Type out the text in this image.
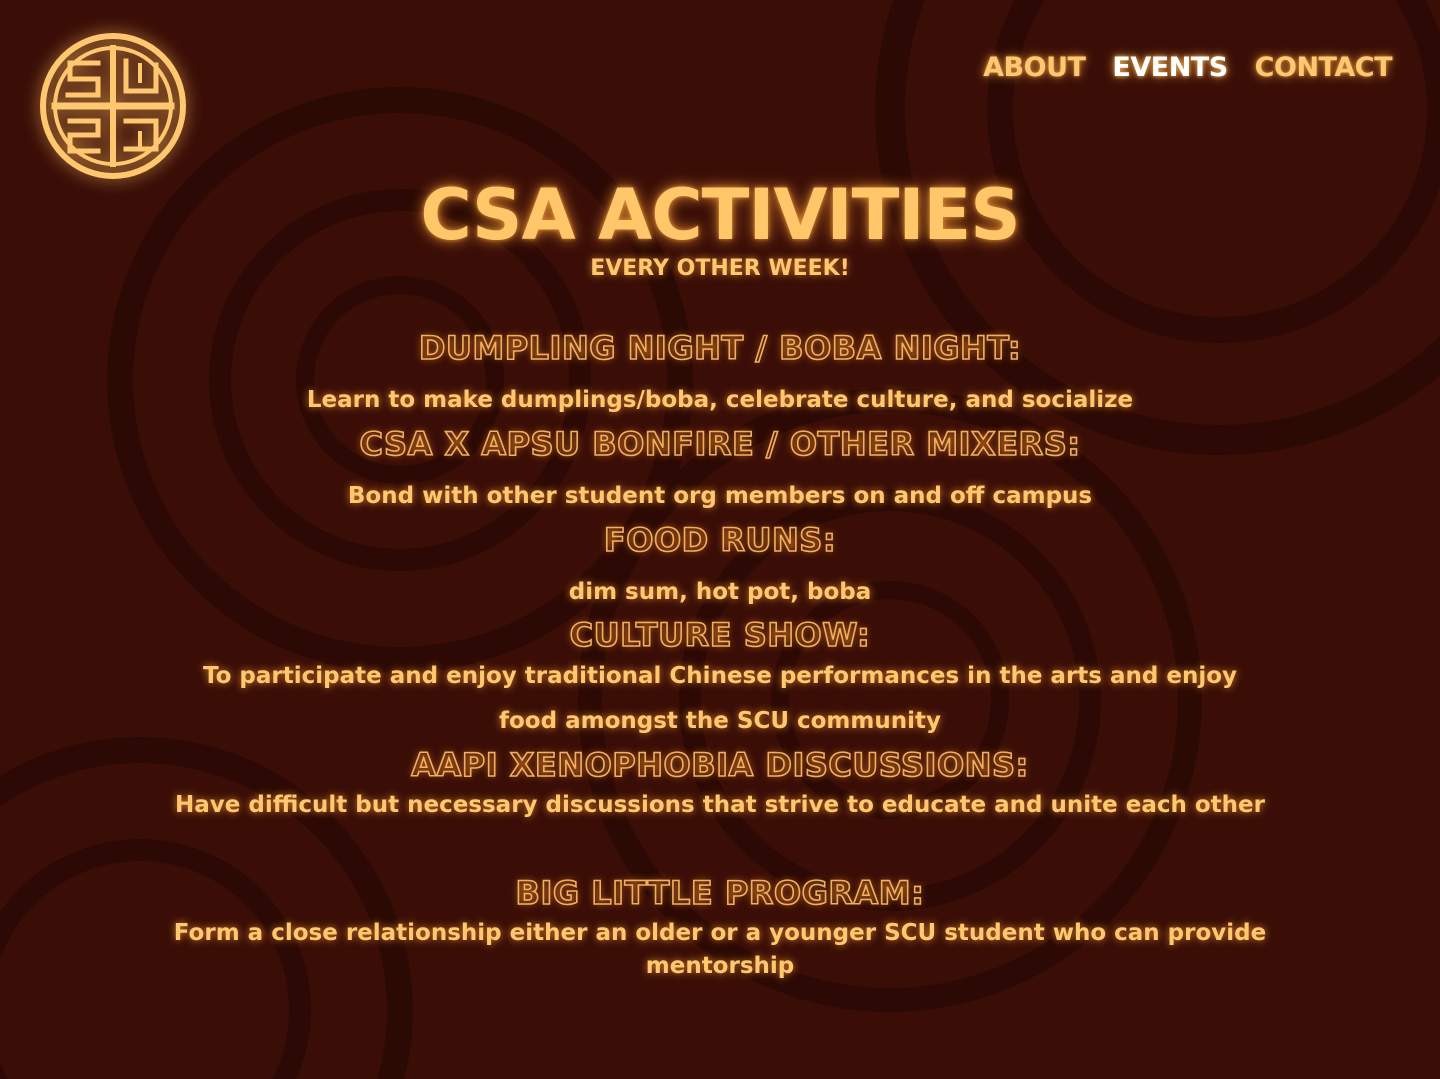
ABOUT EVENTS CONTACT
CSA ACTIVITIES
EVERY OTHER WEEK!
DUMPLING NIGHT / BOBA NIGHT:

Learn to make dumplings/boba, celebrate culture, and socialize

CSA X APSU BONFIRE / OTHER MIXERS:

Bond with other student org members on and off campus

FOOD RUNS:

dim sum, hot pot, boba

CULTURE SHOW:

To participate and enjoy traditional Chinese performances in the arts and enjoy food amongst the SCU community

AAPI XENOPHOBIA DISCUSSIONS:

Have difficult but necessary discussions that strive to educate and unite each other

BIG LITTLE PROGRAM:

Form a close relationship either an older or a younger SCU student who can provide mentorship
